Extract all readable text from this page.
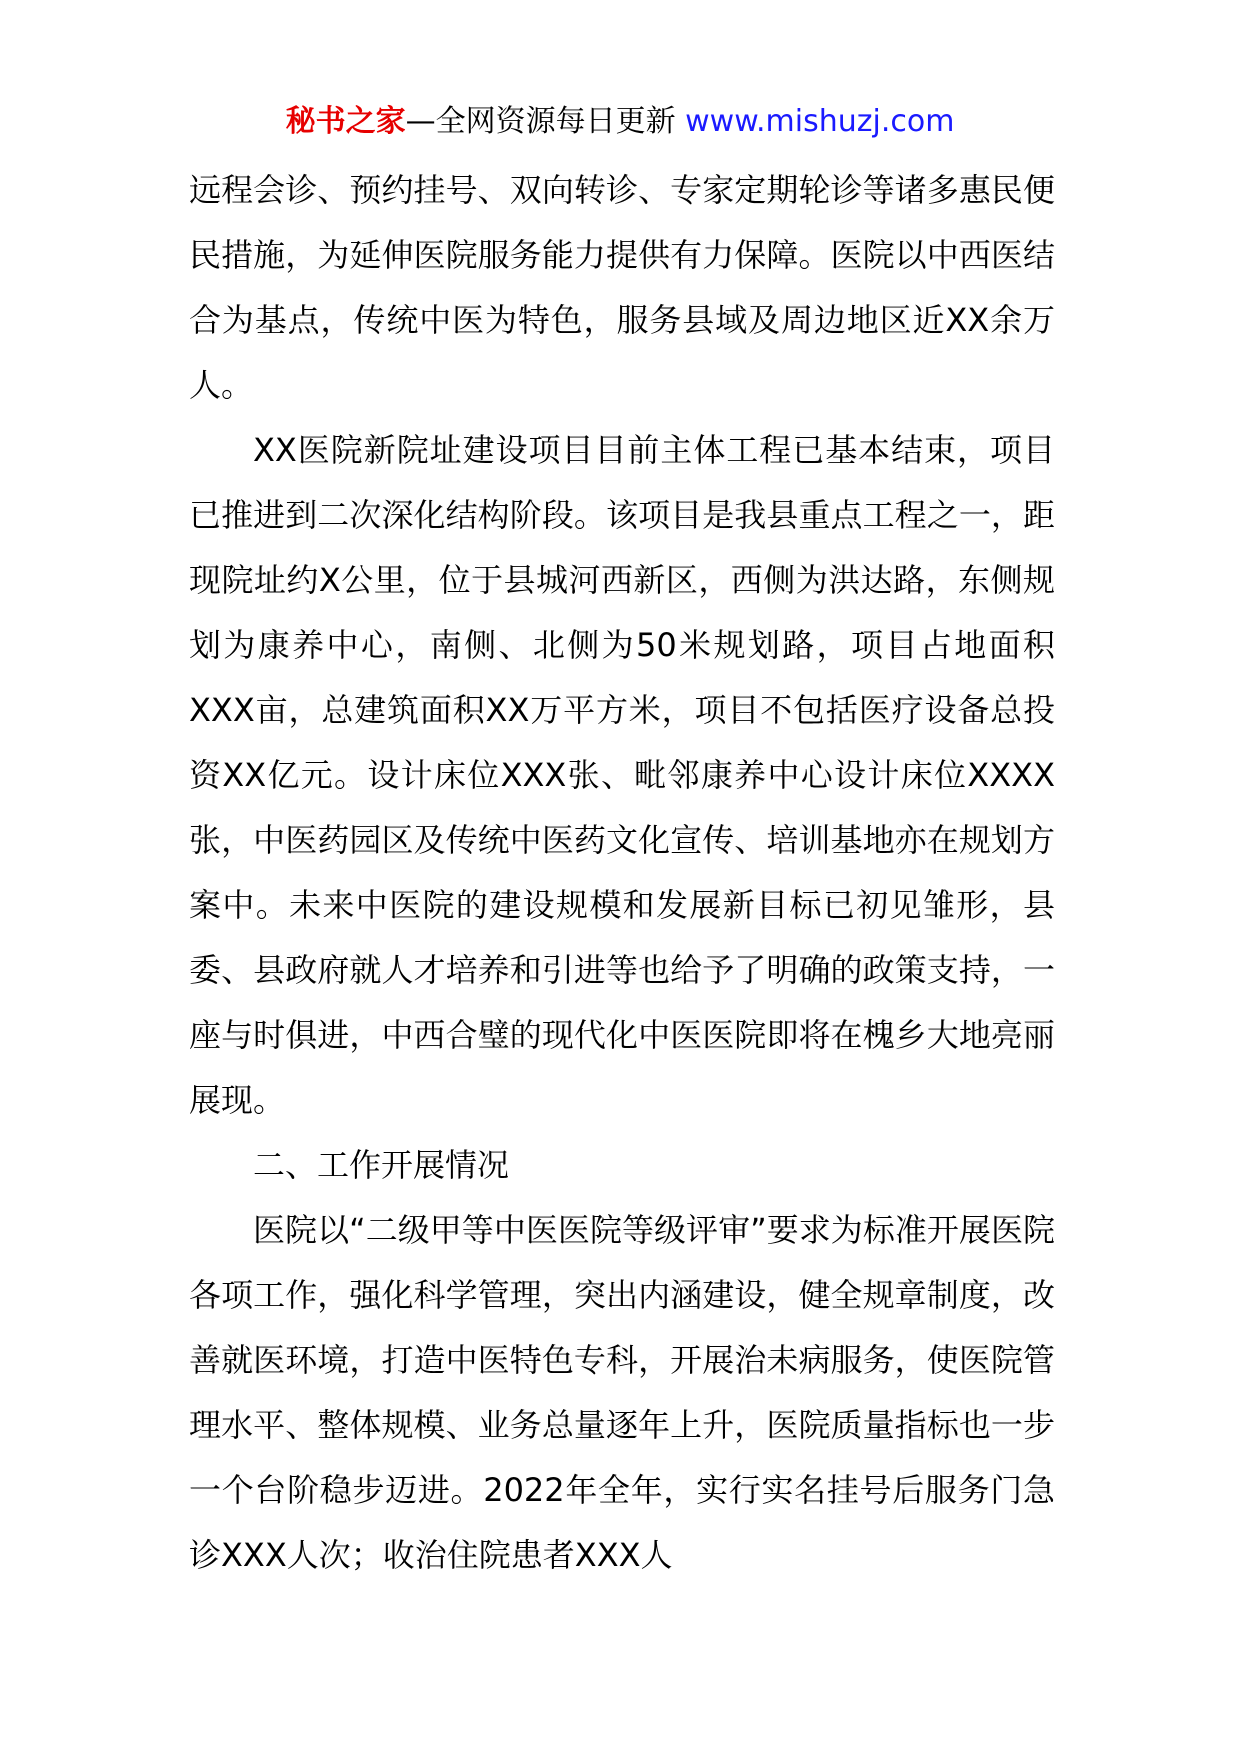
秘书之家—全网资源每日更新 www.mishuzj.com

远程会诊、预约挂号、双向转诊、专家定期轮诊等诸多惠民便民措施，为延伸医院服务能力提供有力保障。医院以中西医结合为基点，传统中医为特色，服务县域及周边地区近XX余万人。

XX医院新院址建设项目目前主体工程已基本结束，项目已推进到二次深化结构阶段。该项目是我县重点工程之一，距现院址约X公里，位于县城河西新区，西侧为洪达路，东侧规划为康养中心，南侧、北侧为50米规划路，项目占地面积XXX亩，总建筑面积XX万平方米，项目不包括医疗设备总投资XX亿元。设计床位XXX张、毗邻康养中心设计床位XXXX张，中医药园区及传统中医药文化宣传、培训基地亦在规划方案中。未来中医院的建设规模和发展新目标已初见雏形，县委、县政府就人才培养和引进等也给予了明确的政策支持，一座与时俱进，中西合璧的现代化中医医院即将在槐乡大地亮丽展现。

二、工作开展情况

医院以“二级甲等中医医院等级评审”要求为标准开展医院各项工作，强化科学管理，突出内涵建设，健全规章制度，改善就医环境，打造中医特色专科，开展治未病服务，使医院管理水平、整体规模、业务总量逐年上升，医院质量指标也一步一个台阶稳步迈进。2022年全年，实行实名挂号后服务门急诊XXX人次；收治住院患者XXX人
